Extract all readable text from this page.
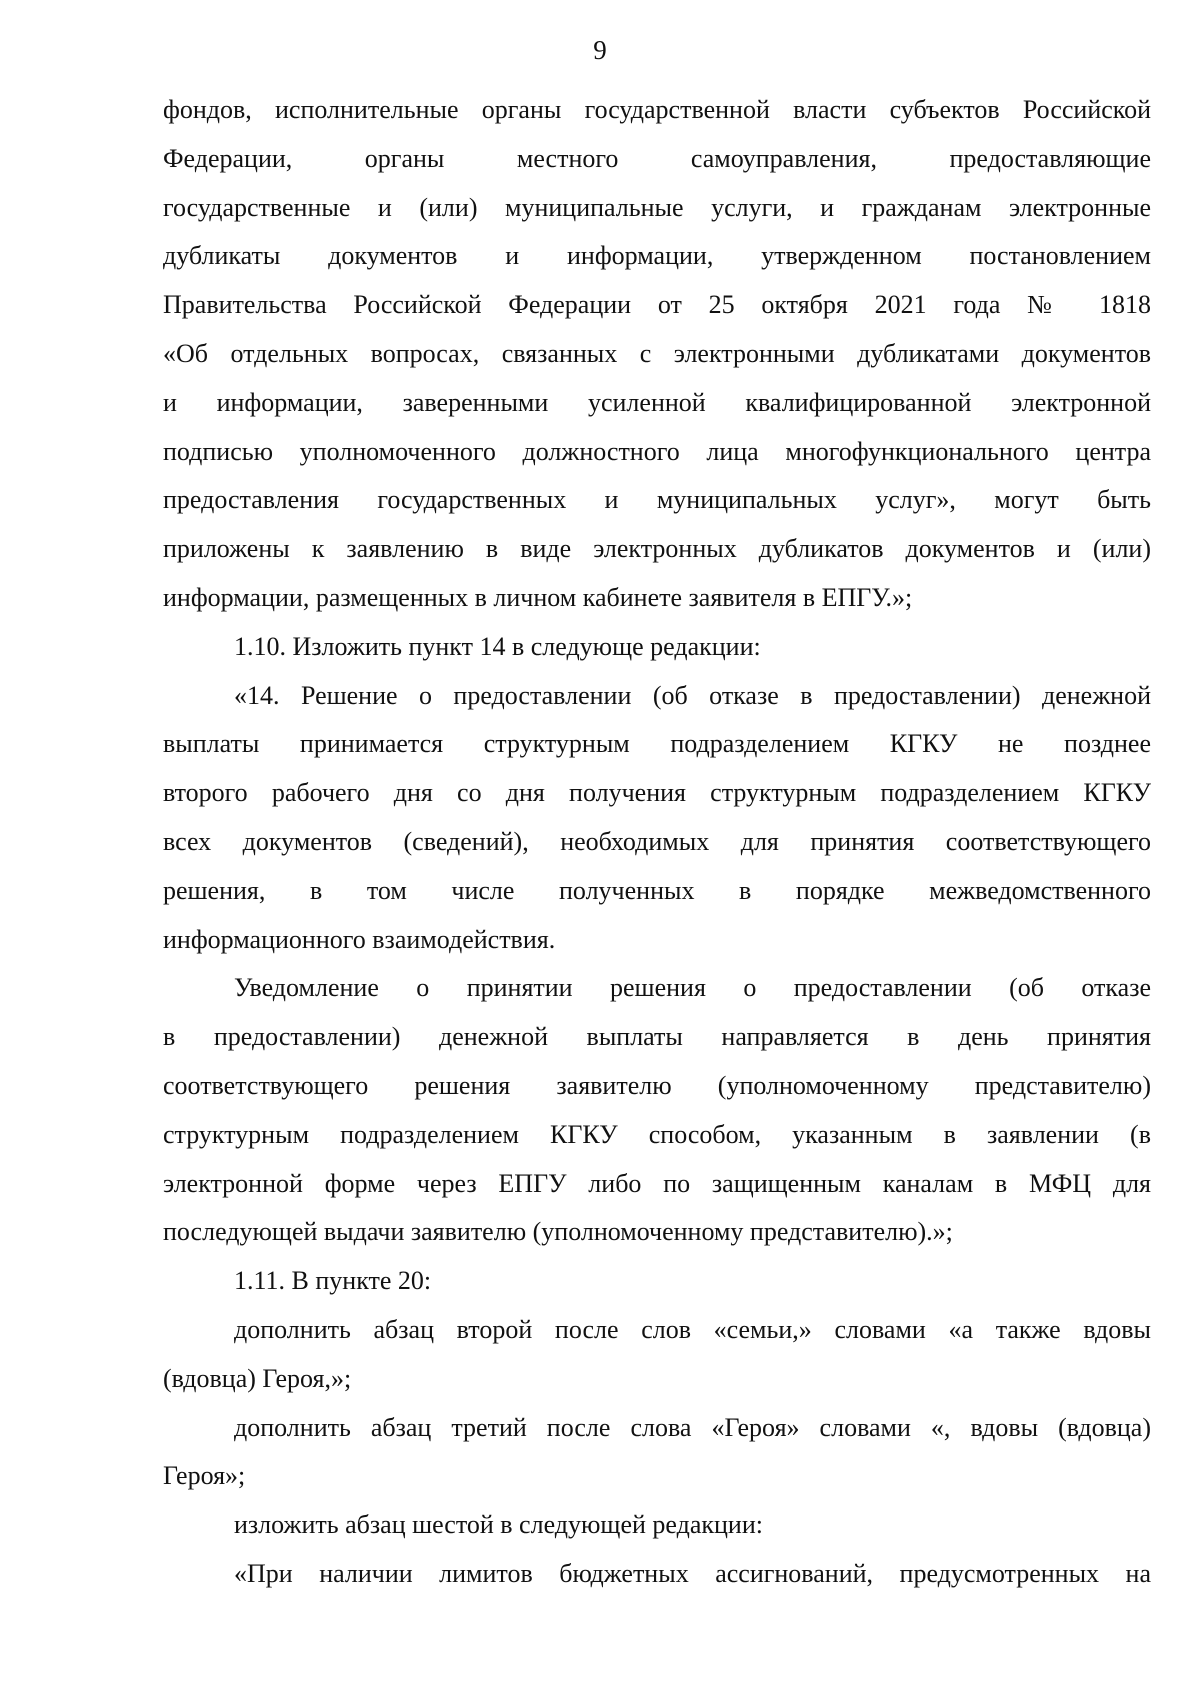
9
фондов, исполнительные органы государственной власти субъектов Российской
Федерации, органы местного самоуправления, предоставляющие
государственные и (или) муниципальные услуги, и гражданам электронные
дубликаты документов и информации, утвержденном постановлением
Правительства Российской Федерации от 25 октября 2021 года № 1818
«Об отдельных вопросах, связанных с электронными дубликатами документов
и информации, заверенными усиленной квалифицированной электронной
подписью уполномоченного должностного лица многофункционального центра
предоставления государственных и муниципальных услуг», могут быть
приложены к заявлению в виде электронных дубликатов документов и (или)
информации, размещенных в личном кабинете заявителя в ЕПГУ.»;
1.10. Изложить пункт 14 в следующе редакции:
«14. Решение о предоставлении (об отказе в предоставлении) денежной
выплаты принимается структурным подразделением КГКУ не позднее
второго рабочего дня со дня получения структурным подразделением КГКУ
всех документов (сведений), необходимых для принятия соответствующего
решения, в том числе полученных в порядке межведомственного
информационного взаимодействия.
Уведомление о принятии решения о предоставлении (об отказе
в предоставлении) денежной выплаты направляется в день принятия
соответствующего решения заявителю (уполномоченному представителю)
структурным подразделением КГКУ способом, указанным в заявлении (в
электронной форме через ЕПГУ либо по защищенным каналам в МФЦ для
последующей выдачи заявителю (уполномоченному представителю).»;
1.11. В пункте 20:
дополнить абзац второй после слов «семьи,» словами «а также вдовы
(вдовца) Героя,»;
дополнить абзац третий после слова «Героя» словами «, вдовы (вдовца)
Героя»;
изложить абзац шестой в следующей редакции:
«При наличии лимитов бюджетных ассигнований, предусмотренных на
